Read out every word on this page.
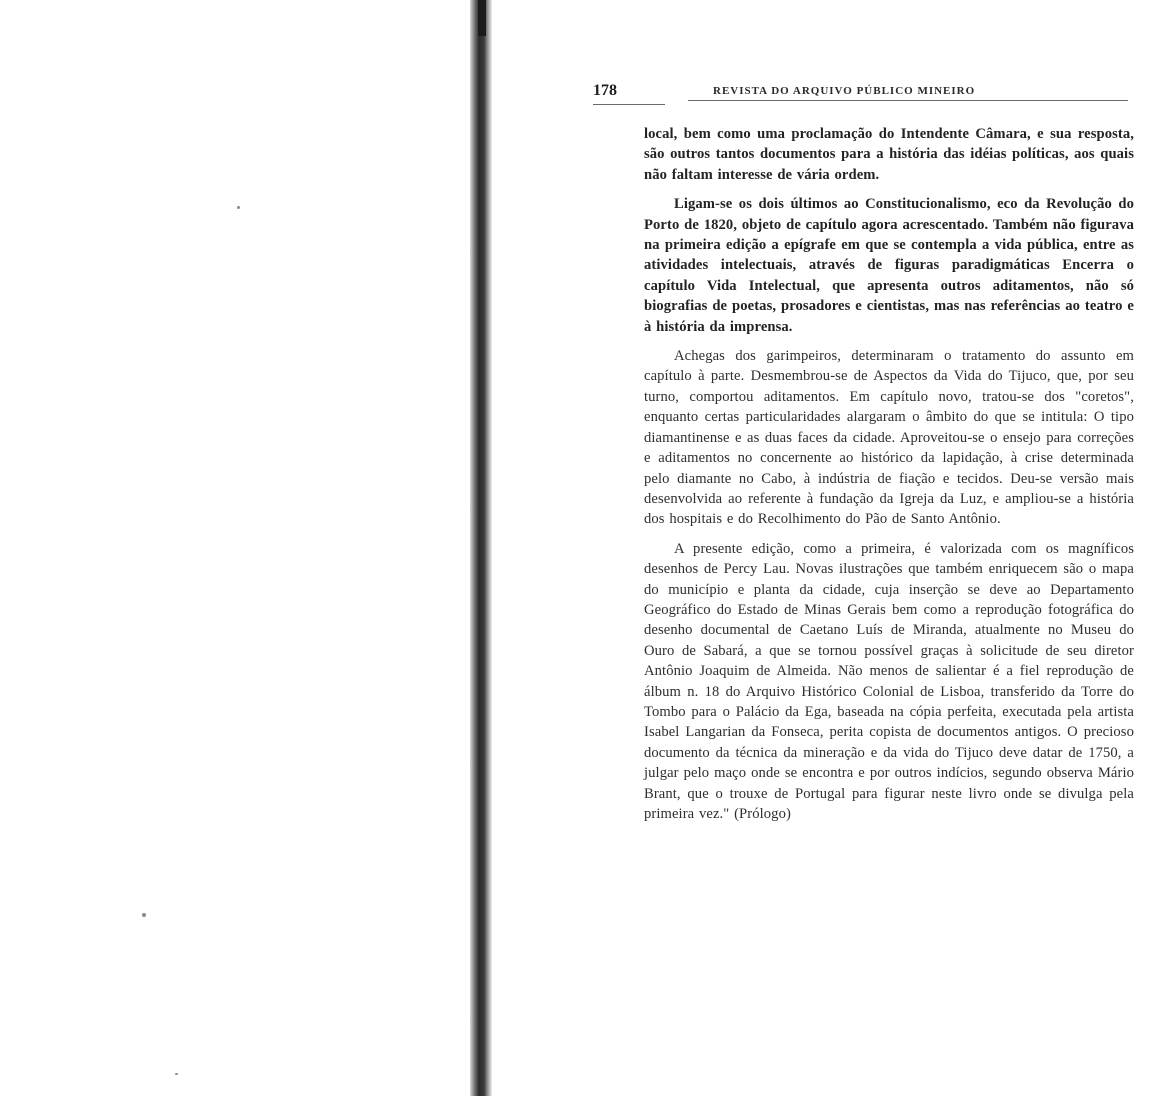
178	REVISTA DO ARQUIVO PÚBLICO MINEIRO

local, bem como uma proclamação do Intendente Câmara, e sua resposta, são outros tantos documentos para a história das idéias políticas, aos quais não faltam interesse de vária ordem.

Ligam-se os dois últimos ao Constitucionalismo, eco da Revolução do Porto de 1820, objeto de capítulo agora acrescentado. Também não figurava na primeira edição a epígrafe em que se contempla a vida pública, entre as atividades intelectuais, através de figuras paradigmáticas Encerra o capítulo Vida Intelectual, que apresenta outros aditamentos, não só biografias de poetas, prosadores e cientistas, mas nas referências ao teatro e à história da imprensa.

Achegas dos garimpeiros, determinaram o tratamento do assunto em capítulo à parte. Desmembrou-se de Aspectos da Vida do Tijuco, que, por seu turno, comportou aditamentos. Em capítulo novo, tratou-se dos "coretos", enquanto certas particularidades alargaram o âmbito do que se intitula: O tipo diamantinense e as duas faces da cidade. Aproveitou-se o ensejo para correções e aditamentos no concernente ao histórico da lapidação, à crise determinada pelo diamante no Cabo, à indústria de fiação e tecidos. Deu-se versão mais desenvolvida ao referente à fundação da Igreja da Luz, e ampliou-se a história dos hospitais e do Recolhimento do Pão de Santo Antônio.

A presente edição, como a primeira, é valorizada com os magníficos desenhos de Percy Lau. Novas ilustrações que também enriquecem são o mapa do município e planta da cidade, cuja inserção se deve ao Departamento Geográfico do Estado de Minas Gerais bem como a reprodução fotográfica do desenho documental de Caetano Luís de Miranda, atualmente no Museu do Ouro de Sabará, a que se tornou possível graças à solicitude de seu diretor Antônio Joaquim de Almeida. Não menos de salientar é a fiel reprodução de álbum n. 18 do Arquivo Histórico Colonial de Lisboa, transferido da Torre do Tombo para o Palácio da Ega, baseada na cópia perfeita, executada pela artista Isabel Langarian da Fonseca, perita copista de documentos antigos. O precioso documento da técnica da mineração e da vida do Tijuco deve datar de 1750, a julgar pelo maço onde se encontra e por outros indícios, segundo observa Mário Brant, que o trouxe de Portugal para figurar neste livro onde se divulga pela primeira vez." (Prólogo)
